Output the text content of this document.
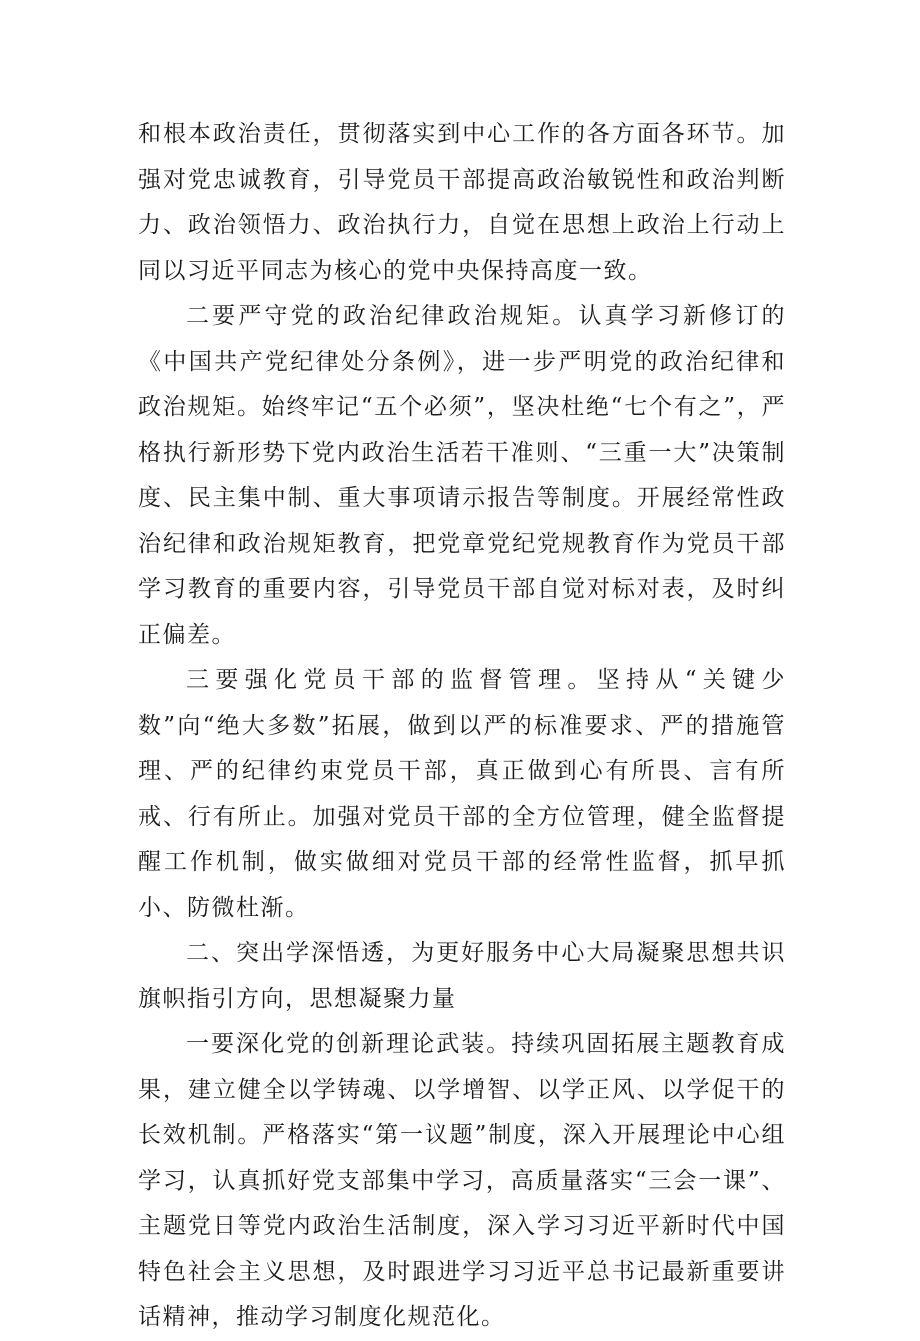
和根本政治责任，贯彻落实到中心工作的各方面各环节。加强对党忠诚教育，引导党员干部提高政治敏锐性和政治判断力、政治领悟力、政治执行力，自觉在思想上政治上行动上同以习近平同志为核心的党中央保持高度一致。

二要严守党的政治纪律政治规矩。认真学习新修订的《中国共产党纪律处分条例》，进一步严明党的政治纪律和政治规矩。始终牢记“五个必须”，坚决杜绝“七个有之”，严格执行新形势下党内政治生活若干准则、“三重一大”决策制度、民主集中制、重大事项请示报告等制度。开展经常性政治纪律和政治规矩教育，把党章党纪党规教育作为党员干部学习教育的重要内容，引导党员干部自觉对标对表，及时纠正偏差。

三要强化党员干部的监督管理。坚持从“关键少数”向“绝大多数”拓展，做到以严的标准要求、严的措施管理、严的纪律约束党员干部，真正做到心有所畏、言有所戒、行有所止。加强对党员干部的全方位管理，健全监督提醒工作机制，做实做细对党员干部的经常性监督，抓早抓小、防微杜渐。

二、突出学深悟透，为更好服务中心大局凝聚思想共识旗帜指引方向，思想凝聚力量

一要深化党的创新理论武装。持续巩固拓展主题教育成果，建立健全以学铸魂、以学增智、以学正风、以学促干的长效机制。严格落实“第一议题”制度，深入开展理论中心组学习，认真抓好党支部集中学习，高质量落实“三会一课”、主题党日等党内政治生活制度，深入学习习近平新时代中国特色社会主义思想，及时跟进学习习近平总书记最新重要讲话精神，推动学习制度化规范化。
